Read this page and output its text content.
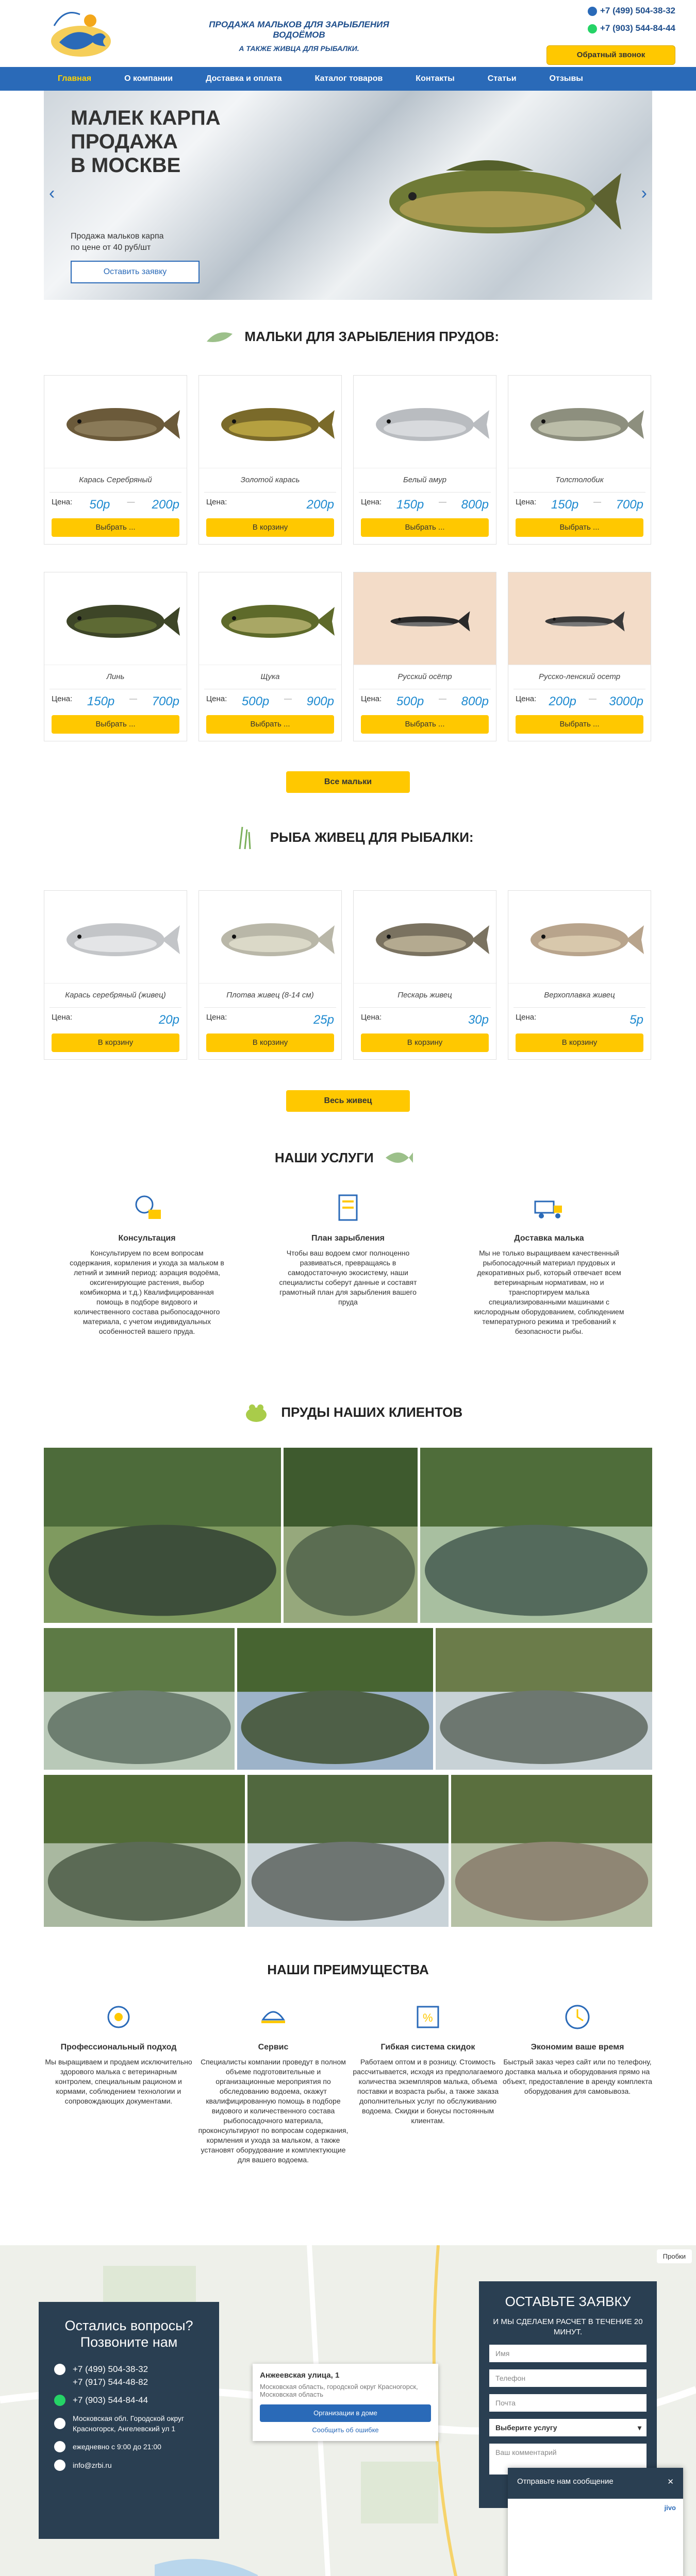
ПРОДАЖА МАЛЬКОВ ДЛЯ ЗАРЫБЛЕНИЯ ВОДОЁМОВ
А ТАКЖЕ ЖИВЦА ДЛЯ РЫБАЛКИ.
+7 (499) 504-38-32
+7 (903) 544-84-44
Обратный звонок
Главная	О компании	Доставка и оплата	Каталог товаров	Контакты	Статьи	Отзывы
МАЛЕК КАРПА
ПРОДАЖА
В МОСКВЕ
Продажа мальков карпа
по цене от 40 руб/шт
Оставить заявку
‹	›
МАЛЬКИ ДЛЯ ЗАРЫБЛЕНИЯ ПРУДОВ:
Карась Серебряный
Цена: 50р — 200р
Выбрать ...
Золотой карась
Цена:	200р
В корзину
Белый амур
Цена: 150р — 800р
Выбрать ...
Толстолобик
Цена: 150р — 700р
Выбрать ...
Линь
Цена: 150р — 700р
Выбрать ...
Щука
Цена: 500р — 900р
Выбрать ...
Русский осётр
Цена: 500р — 800р
Выбрать ...
Русско-ленский осетр
Цена: 200р — 3000р
Выбрать ...
Все мальки
РЫБА ЖИВЕЦ ДЛЯ РЫБАЛКИ:
Карась серебряный (живец)
Цена:	20р
В корзину
Плотва живец (8-14 см)
Цена:	25р
В корзину
Пескарь живец
Цена:	30р
В корзину
Верхоплавка живец
Цена:	5р
В корзину
Весь живец
НАШИ УСЛУГИ
Консультация

Консультируем по всем вопросам содержания, кормления и ухода за мальком в летний и зимний период: аэрация водоёма, оксигенирующие растения, выбор комбикорма и т.д.) Квалифицированная помощь в подборе видового и количественного состава рыбопосадочного материала, с учетом индивидуальных особенностей вашего пруда.

План зарыбления

Чтобы ваш водоем смог полноценно развиваться, превращаясь в самодостаточную экосистему, наши специалисты соберут данные и составят грамотный план для зарыбления вашего пруда

Доставка малька

Мы не только выращиваем качественный рыбопосадочный материал прудовых и декоративных рыб, который отвечает всем ветеринарным нормативам, но и транспортируем малька специализированными машинами с кислородным оборудованием, соблюдением температурного режима и требований к безопасности рыбы.

ПРУДЫ НАШИХ КЛИЕНТОВ
НАШИ ПРЕИМУЩЕСТВА
Профессиональный подход

Мы выращиваем и продаем исключительно здорового малька с ветеринарным контролем, специальным рационом и кормами, соблюдением технологии и сопровождающих документами.

Сервис

Специалисты компании проведут в полном объеме подготовительные и организационные мероприятия по обследованию водоема, окажут квалифицированную помощь в подборе видового и количественного состава рыбопосадочного материала, проконсультируют по вопросам содержания, кормления и ухода за мальком, а также установят оборудование и комплектующие для вашего водоема.

%
Гибкая система скидок

Работаем оптом и в розницу. Стоимость рассчитывается, исходя из предполагаемого количества экземпляров малька, объема поставки и возраста рыбы, а также заказа дополнительных услуг по обслуживанию водоема. Скидки и бонусы постоянным клиентам.

Экономим ваше время

Быстрый заказ через сайт или по телефону, доставка малька и оборудования прямо на объект, предоставление в аренду комплекта оборудования для самовывоза.

Остались вопросы?
Позвоните нам
+7 (499) 504-38-32
+7 (917) 544-48-82
+7 (903) 544-84-44
Московская обл. Городской округ Красногорск, Ангелевский ул 1
ежедневно с 9:00 до 21:00
info@zrbi.ru
Анжеевская улица, 1
Московская область, городской округ Красногорск, Московская область
Организации в доме
Сообщить об ошибке
Пробки
ОСТАВЬТЕ ЗАЯВКУ
И МЫ СДЕЛАЕМ РАСЧЕТ В ТЕЧЕНИЕ 20 МИНУТ.
Имя
Телефон
Почта
Выберите услугу	▾
Ваш комментарий
Отправьте нам сообщение	✕
jivo
